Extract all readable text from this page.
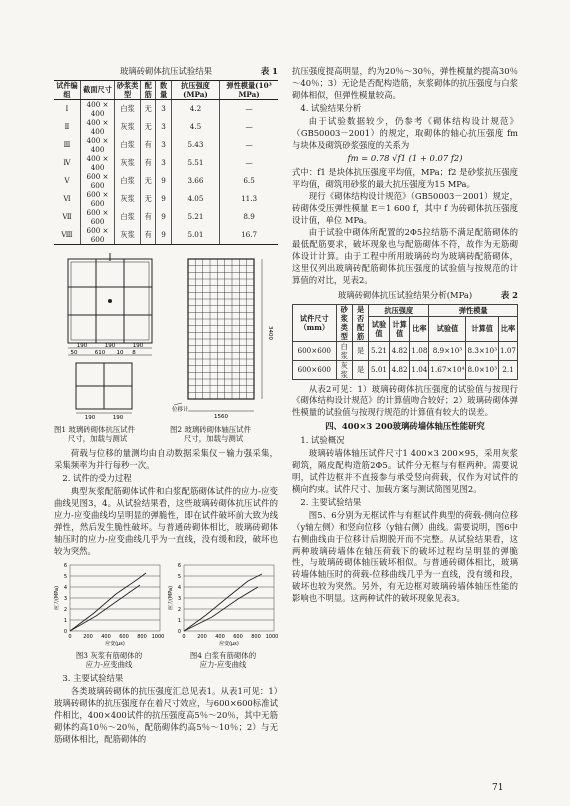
玻璃砖砌体抗压试验结果	表 1
试件编组	截面尺寸	砂浆类型	配筋	数量	抗压强度(MPa)	弹性模量(10³ MPa)
Ⅰ	400 × 400	白浆	无	3	4.2	—
Ⅱ	400 × 400	灰浆	无	3	4.5	—
Ⅲ	400 × 400	白浆	有	3	5.43	—
Ⅳ	400 × 400	灰浆	有	3	5.51	—
Ⅴ	600 × 600	白浆	无	9	3.66	6.5
Ⅵ	600 × 600	灰浆	无	9	4.05	11.3
Ⅶ	600 × 600	白浆	有	9	5.21	8.9
Ⅷ	600 × 600	灰浆	有	9	5.01	16.7
190	190	190
50	610 10 8
190	190
图1 玻璃砖砌体抗压试件
尺寸，加载与测试
3400
1560
位移计
图2 玻璃砖砌体轴压试件
尺寸，加载与测试

荷载与位移的量测均由自动数据采集仪－输力强采集，采集频率为并行每秒一次。

2. 试件的受力过程

典型灰浆配筋砌体试件和白浆配筋砌体试件的应力-应变曲线见图3，4。从试验结果看，这些玻璃砖砌体抗压试件的应力-应变曲线均呈明显的弹脆性，即在试件破坏前大致为线弹性，然后发生脆性破坏。与普通砖砌体相比，玻璃砖砌体轴压时的应力-应变曲线几乎为一直线，没有缓和段，破坏也较为突然。

6
5
4
3
2
1
0
0 200 400 600 800 1000
应变(με)
应力(MPa)
图3 灰浆有筋砌体的
应力-应变曲线
6
5
4
3
2
1
0
0 200 400 600 800 1000
应变(με)
应力(MPa)
图4 白浆有筋砌体的
应力-应变曲线
3. 主要试验结果

各类玻璃砖砌体的抗压强度汇总见表1。从表1可见：1）玻璃砖砌体的抗压强度存在着尺寸效应，与600×600标准试件相比，400×400试件的抗压强度高5％～20％，其中无筋砌体约高10％～20％，配筋砌体约高5％～10％；2）与无筋砌体相比，配筋砌体的

抗压强度提高明显，约为20％～30％，弹性模量约提高30％～40％；3）无论是否配构造筋，灰浆砌体的抗压强度与白浆砌体相似，但弹性模量较高。

4. 试验结果分析

由于试验数据较少，仍参考《砌体结构设计规范》（GB50003－2001）的规定，取砌体的轴心抗压强度 fm 与块体及砌筑砂浆强度的关系为

fm = 0.78 √f1 (1 + 0.07 f2)

式中：f1 是块体抗压强度平均值，MPa；f2 是砂浆抗压强度平均值，砌筑用砂浆的最大抗压强度为15 MPa。

现行《砌体结构设计规范》（GB50003－2001）规定，砖砌体受压弹性模量 E＝1 600 f，其中 f 为砖砌体抗压强度设计值，单位 MPa。

由于试验中砌体所配置的2Φ5拉结筋不满足配筋砌体的最低配筋要求，破坏现象也与配筋砌体不符，故作为无筋砌体设计计算。由于工程中所用玻璃砖均为玻璃砖配筋砌体，这里仅列出玻璃砖配筋砌体抗压强度的试验值与按规范的计算值的对比，见表2。

玻璃砖砌体抗压试验结果分析(MPa)	表 2
试件尺寸（mm）	砂浆类型	是否配筋	抗压强度			弹性模量		
			试验值	计算值	比率	试验值	计算值	比率
600×600	白浆	是	5.21	4.82	1.08	8.9×10³	8.3×10³	1.07
600×600	灰浆	是	5.01	4.82	1.04	1.67×10⁴	8.0×10³	2.1

从表2可见：1）玻璃砖砌体抗压强度的试验值与按现行《砌体结构设计规范》的计算值吻合较好；2）玻璃砖砌体弹性模量的试验值与按现行规范的计算值有较大的误差。

四、400×3 200玻璃砖墙体轴压性能研究
1. 试验概况

玻璃砖墙体轴压试件尺寸1 400×3 200×95，采用灰浆砌筑，隔皮配构造筋2Φ5。试件分无框与有框两种。需要说明，试件边框并不直接参与承受竖向荷载，仅作为对试件的横向约束。试件尺寸、加载方案与测试简图见图2。

2. 主要试验结果

图5、6分别为无框试件与有框试件典型的荷载-侧向位移（y轴左侧）和竖向位移（y轴右侧）曲线。需要说明，图6中右侧曲线由于位移计后期脱开而不完整。从试验结果看，这两种玻璃砖墙体在轴压荷载下的破坏过程均呈明显的弹脆性，与玻璃砖砌体轴压破坏相似。与普通砖砌体相比，玻璃砖墙体轴压时的荷载-位移曲线几乎为一直线，没有缓和段，破坏也较为突然。另外，有无边框对玻璃砖墙体轴压性能的影响也不明显。这两种试件的破坏现象见表3。

71
